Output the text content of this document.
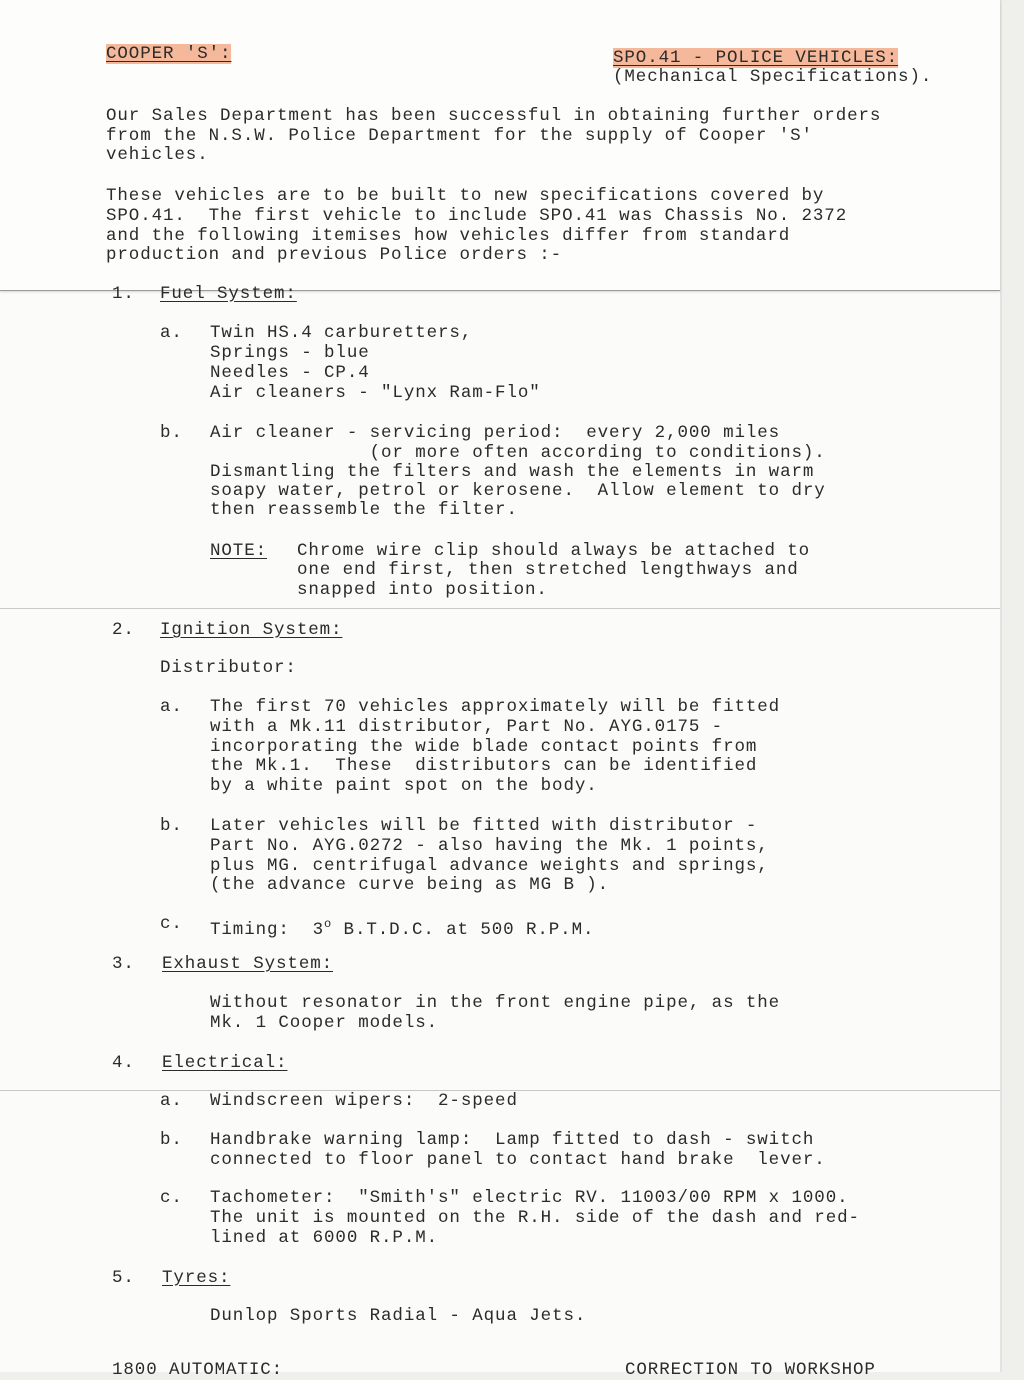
COOPER 'S':	SPO.41 - POLICE VEHICLES:
(Mechanical Specifications).
Our Sales Department has been successful in obtaining further orders
from the N.S.W. Police Department for the supply of Cooper 'S'
vehicles.
These vehicles are to be built to new specifications covered by
SPO.41.  The first vehicle to include SPO.41 was Chassis No. 2372
and the following itemises how vehicles differ from standard
production and previous Police orders :-
1. Fuel System:
a. Twin HS.4 carburetters,
Springs - blue
Needles - CP.4
Air cleaners - "Lynx Ram-Flo"
b. Air cleaner - servicing period:  every 2,000 miles
(or more often according to conditions).
Dismantling the filters and wash the elements in warm
soapy water, petrol or kerosene.  Allow element to dry
then reassemble the filter.
NOTE: Chrome wire clip should always be attached to
one end first, then stretched lengthways and
snapped into position.
2. Ignition System:
Distributor:
a. The first 70 vehicles approximately will be fitted
with a Mk.11 distributor, Part No. AYG.0175 -
incorporating the wide blade contact points from
the Mk.1.  These  distributors can be identified
by a white paint spot on the body.
b. Later vehicles will be fitted with distributor -
Part No. AYG.0272 - also having the Mk. 1 points,
plus MG. centrifugal advance weights and springs,
(the advance curve being as MG B ).
c. Timing:  3$^o$ B.T.D.C. at 500 R.P.M.
3. Exhaust System:
Without resonator in the front engine pipe, as the
Mk. 1 Cooper models.
4. Electrical:
a. Windscreen wipers:  2-speed
b. Handbrake warning lamp:  Lamp fitted to dash - switch
connected to floor panel to contact hand brake  lever.
c. Tachometer:  "Smith's" electric RV. 11003/00 RPM x 1000.
The unit is mounted on the R.H. side of the dash and red-
lined at 6000 R.P.M.
5. Tyres:
Dunlop Sports Radial - Aqua Jets.
1800 AUTOMATIC:	CORRECTION TO WORKSHOP
